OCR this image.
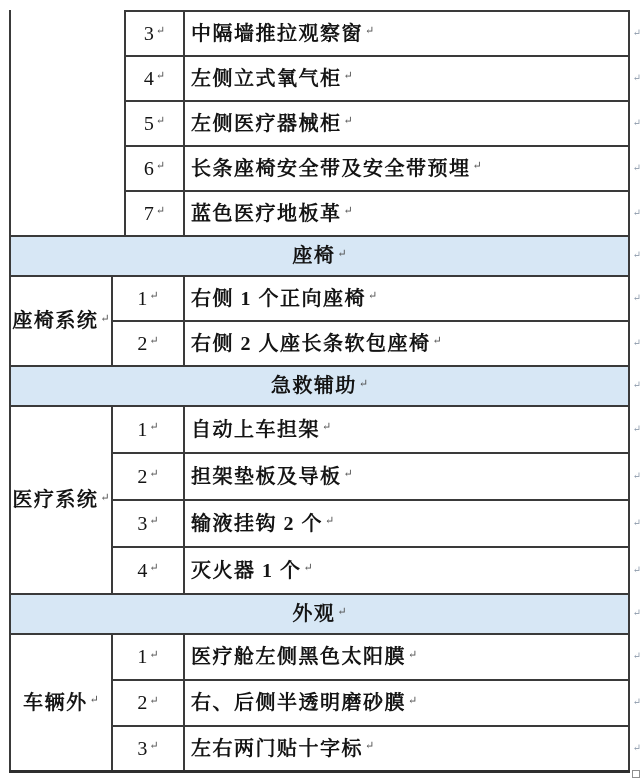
3 ↵ 中隔墙推拉观察窗 ↵	↵
4 ↵ 左侧立式氧气柜 ↵	↵
5 ↵ 左侧医疗器械柜 ↵	↵
6 ↵ 长条座椅安全带及安全带预埋 ↵	↵
7 ↵ 蓝色医疗地板革 ↵	↵
座椅 ↵	↵
座椅系统 ↵
1 ↵ 右侧 1 个正向座椅 ↵	↵
2 ↵ 右侧 2 人座长条软包座椅 ↵	↵
急救辅助 ↵	↵
医疗系统 ↵
1 ↵ 自动上车担架 ↵	↵
2 ↵ 担架垫板及导板 ↵	↵
3 ↵ 输液挂钩 2 个 ↵	↵
4 ↵ 灭火器 1 个 ↵	↵
外观 ↵	↵
车辆外 ↵
1 ↵ 医疗舱左侧黑色太阳膜 ↵	↵
2 ↵ 右、后侧半透明磨砂膜 ↵	↵
3 ↵ 左右两门贴十字标 ↵	↵
